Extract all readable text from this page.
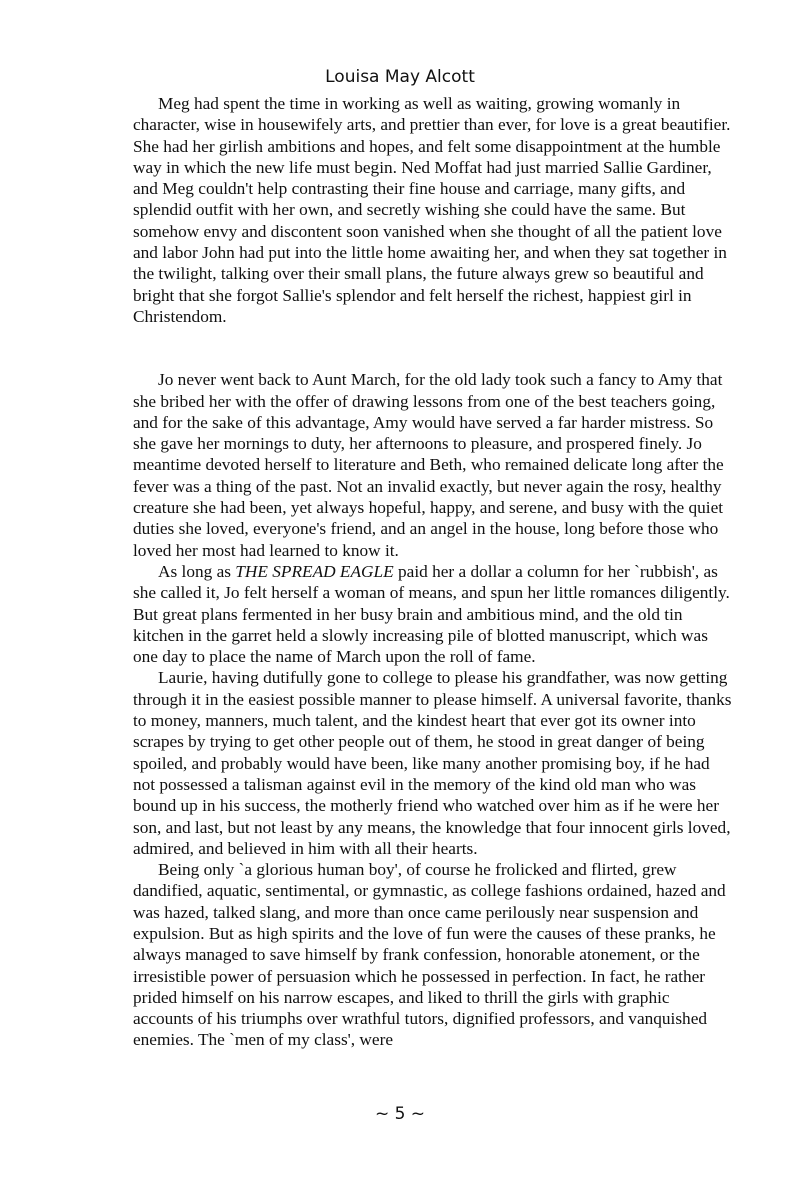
Louisa May Alcott

Meg had spent the time in working as well as waiting, growing womanly in character, wise in housewifely arts, and prettier than ever, for love is a great beautifier. She had her girlish ambitions and hopes, and felt some disappointment at the humble way in which the new life must begin. Ned Moffat had just married Sallie Gardiner, and Meg couldn't help contrasting their fine house and carriage, many gifts, and splendid outfit with her own, and secretly wishing she could have the same. But somehow envy and discontent soon vanished when she thought of all the patient love and labor John had put into the little home awaiting her, and when they sat together in the twilight, talking over their small plans, the future always grew so beautiful and bright that she forgot Sallie's splendor and felt herself the richest, happiest girl in Christendom.

Jo never went back to Aunt March, for the old lady took such a fancy to Amy that she bribed her with the offer of drawing lessons from one of the best teachers going, and for the sake of this advantage, Amy would have served a far harder mistress. So she gave her mornings to duty, her afternoons to pleasure, and prospered finely. Jo meantime devoted herself to literature and Beth, who remained delicate long after the fever was a thing of the past. Not an invalid exactly, but never again the rosy, healthy creature she had been, yet always hopeful, happy, and serene, and busy with the quiet duties she loved, everyone's friend, and an angel in the house, long before those who loved her most had learned to know it.

As long as THE SPREAD EAGLE paid her a dollar a column for her `rubbish', as she called it, Jo felt herself a woman of means, and spun her little romances diligently. But great plans fermented in her busy brain and ambitious mind, and the old tin kitchen in the garret held a slowly increasing pile of blotted manuscript, which was one day to place the name of March upon the roll of fame.

Laurie, having dutifully gone to college to please his grandfather, was now getting through it in the easiest possible manner to please himself. A universal favorite, thanks to money, manners, much talent, and the kindest heart that ever got its owner into scrapes by trying to get other people out of them, he stood in great danger of being spoiled, and probably would have been, like many another promising boy, if he had not possessed a talisman against evil in the memory of the kind old man who was bound up in his success, the motherly friend who watched over him as if he were her son, and last, but not least by any means, the knowledge that four innocent girls loved, admired, and believed in him with all their hearts.

Being only `a glorious human boy', of course he frolicked and flirted, grew dandified, aquatic, sentimental, or gymnastic, as college fashions ordained, hazed and was hazed, talked slang, and more than once came perilously near suspension and expulsion. But as high spirits and the love of fun were the causes of these pranks, he always managed to save himself by frank confession, honorable atonement, or the irresistible power of persuasion which he possessed in perfection. In fact, he rather prided himself on his narrow escapes, and liked to thrill the girls with graphic accounts of his triumphs over wrathful tutors, dignified professors, and vanquished enemies. The `men of my class', were

~ 5 ~
